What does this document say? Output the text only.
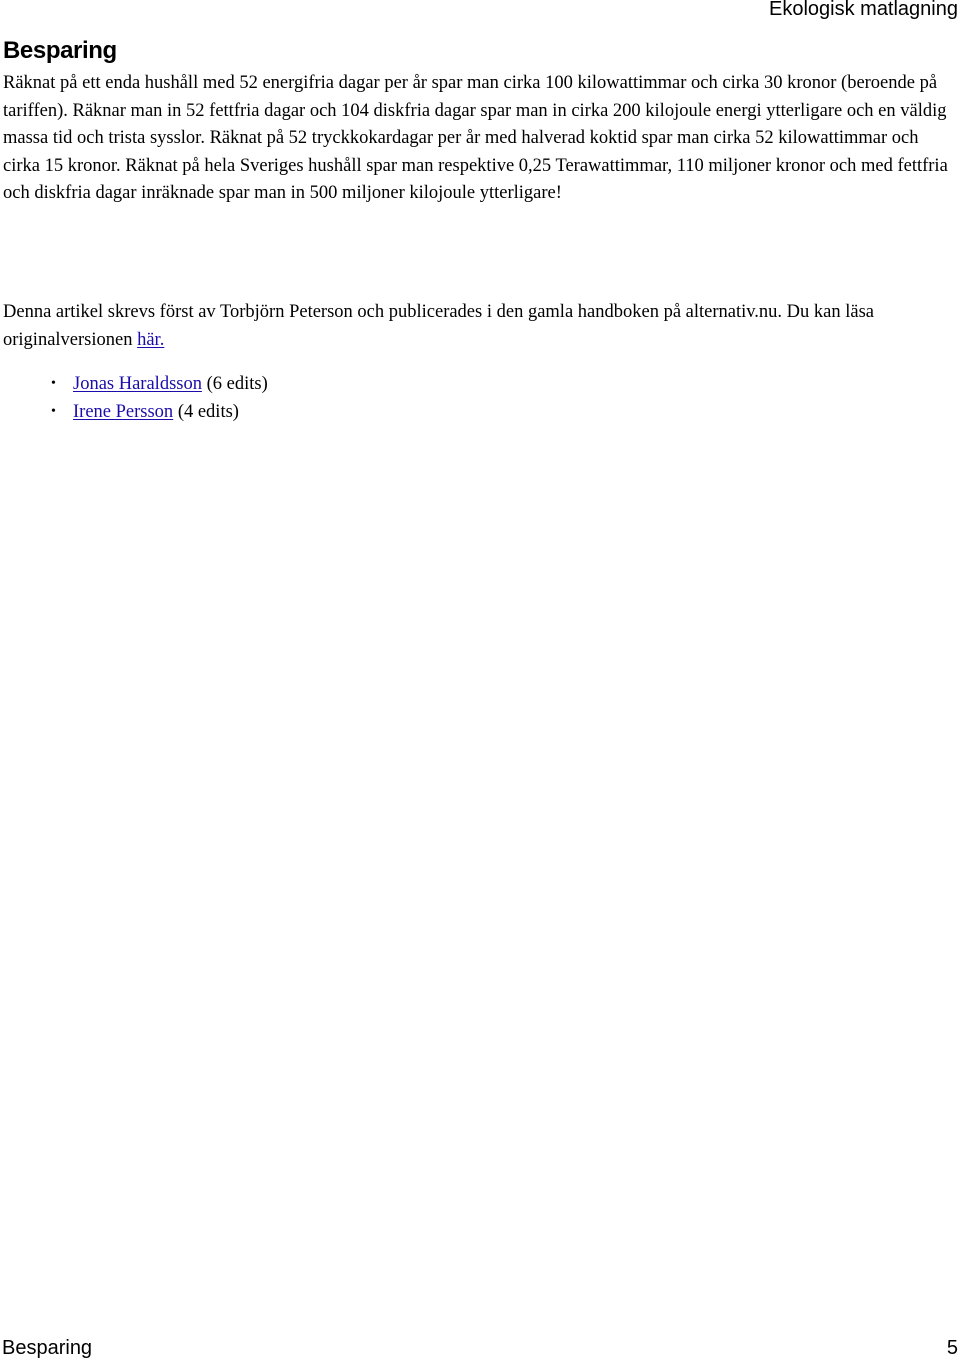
Ekologisk matlagning
Besparing

Räknat på ett enda hushåll med 52 energifria dagar per år spar man cirka 100 kilowattimmar och cirka 30 kronor (beroende på tariffen). Räknar man in 52 fettfria dagar och 104 diskfria dagar spar man in cirka 200 kilojoule energi ytterligare och en väldig massa tid och trista sysslor. Räknat på 52 tryckkokardagar per år med halverad koktid spar man cirka 52 kilowattimmar och cirka 15 kronor. Räknat på hela Sveriges hushåll spar man respektive 0,25 Terawattimmar, 110 miljoner kronor och med fettfria och diskfria dagar inräknade spar man in 500 miljoner kilojoule ytterligare!

Denna artikel skrevs först av Torbjörn Peterson och publicerades i den gamla handboken på alternativ.nu. Du kan läsa originalversionen här.

• Jonas Haraldsson (6 edits)
• Irene Persson (4 edits)
Besparing	5
